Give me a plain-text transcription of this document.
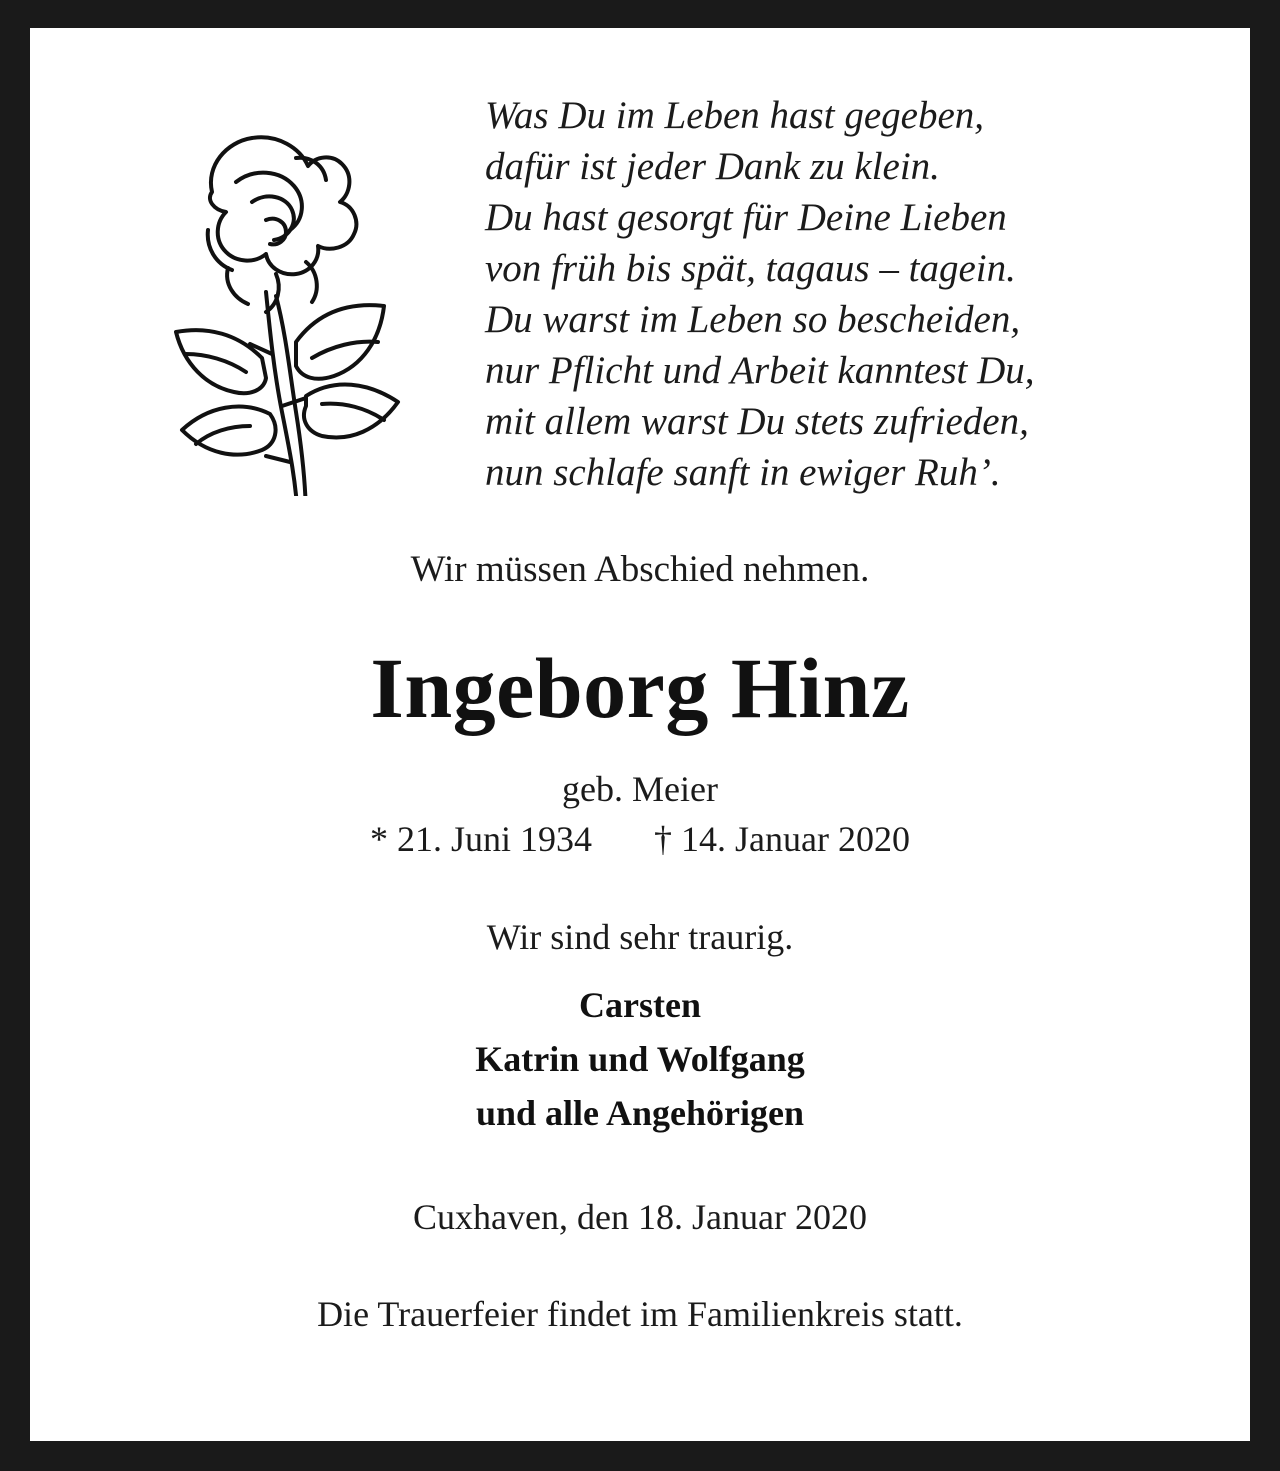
Was Du im Leben hast gegeben,
dafür ist jeder Dank zu klein.
Du hast gesorgt für Deine Lieben
von früh bis spät, tagaus – tagein.
Du warst im Leben so bescheiden,
nur Pflicht und Arbeit kanntest Du,
mit allem warst Du stets zufrieden,
nun schlafe sanft in ewiger Ruh’.
Wir müssen Abschied nehmen.
Ingeborg Hinz
geb. Meier
* 21. Juni 1934 † 14. Januar 2020
Wir sind sehr traurig.
Carsten
Katrin und Wolfgang
und alle Angehörigen
Cuxhaven, den 18. Januar 2020
Die Trauerfeier findet im Familienkreis statt.
